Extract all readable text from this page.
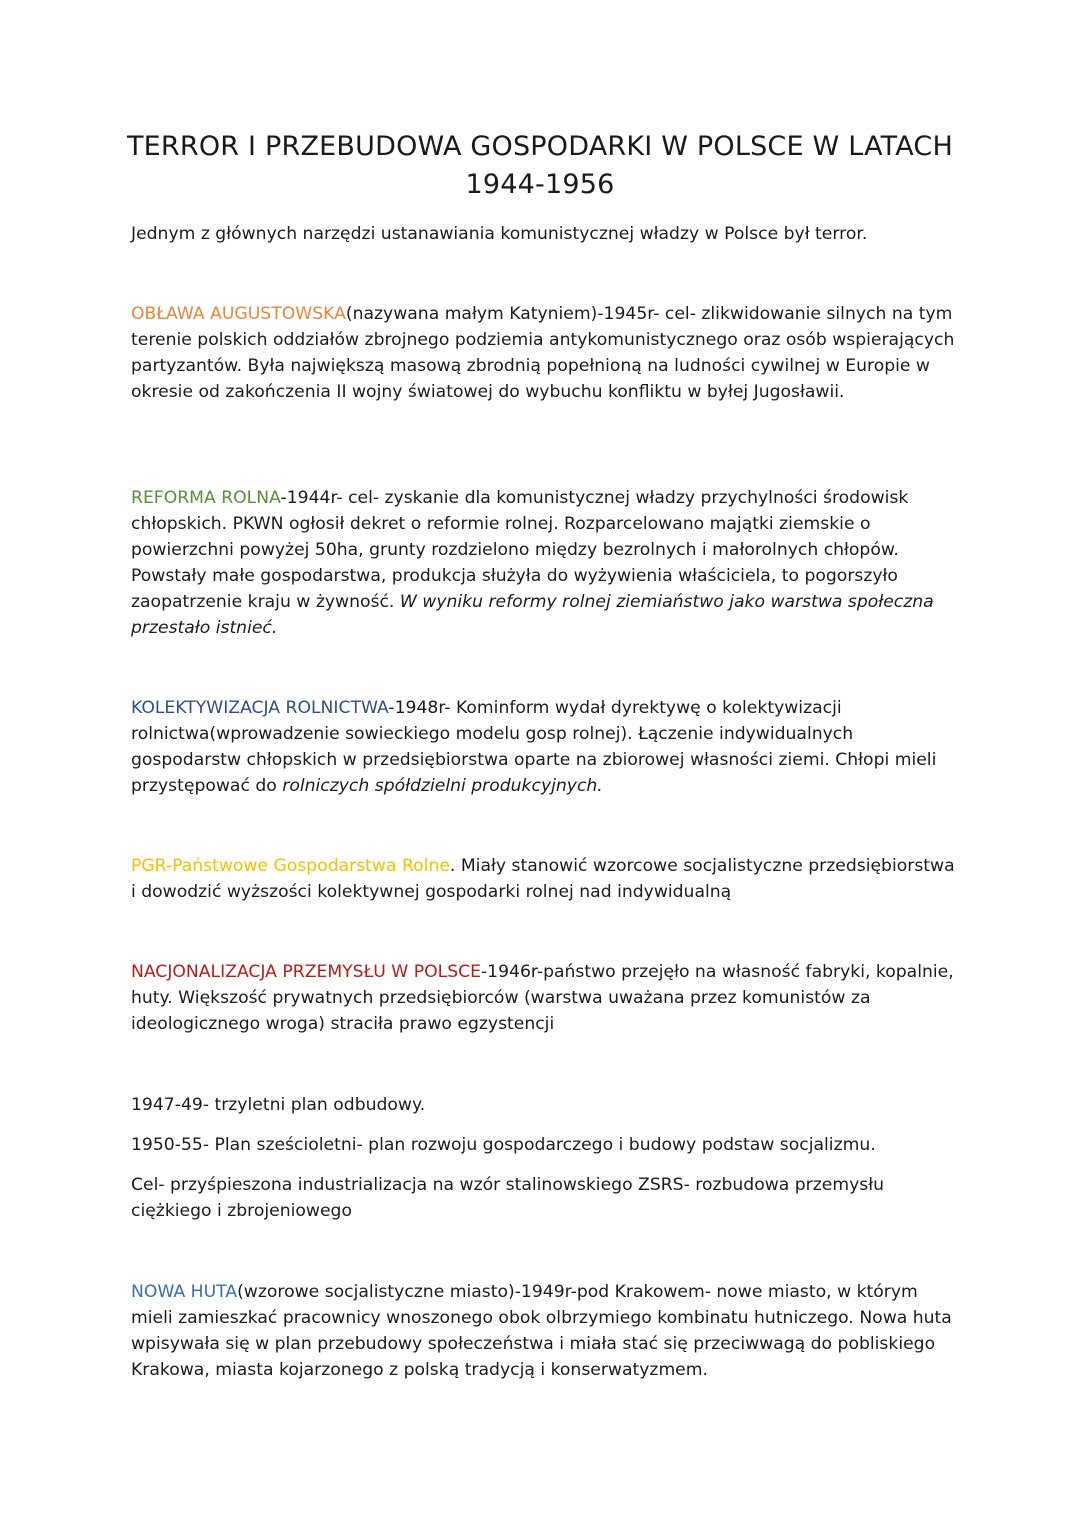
TERROR I PRZEBUDOWA GOSPODARKI W POLSCE W LATACH
1944-1956

Jednym z głównych narzędzi ustanawiania komunistycznej władzy w Polsce był terror.

OBŁAWA AUGUSTOWSKA(nazywana małym Katyniem)-1945r- cel- zlikwidowanie silnych na tym terenie polskich oddziałów zbrojnego podziemia antykomunistycznego oraz osób wspierających partyzantów. Była największą masową zbrodnią popełnioną na ludności cywilnej w Europie w okresie od zakończenia II wojny światowej do wybuchu konfliktu w byłej Jugosławii.

REFORMA ROLNA-1944r- cel- zyskanie dla komunistycznej władzy przychylności środowisk chłopskich. PKWN ogłosił dekret o reformie rolnej. Rozparcelowano majątki ziemskie o powierzchni powyżej 50ha, grunty rozdzielono między bezrolnych i małorolnych chłopów. Powstały małe gospodarstwa, produkcja służyła do wyżywienia właściciela, to pogorszyło zaopatrzenie kraju w żywność. W wyniku reformy rolnej ziemiaństwo jako warstwa społeczna przestało istnieć.

KOLEKTYWIZACJA ROLNICTWA-1948r- Kominform wydał dyrektywę o kolektywizacji rolnictwa(wprowadzenie sowieckiego modelu gosp rolnej). Łączenie indywidualnych gospodarstw chłopskich w przedsiębiorstwa oparte na zbiorowej własności ziemi. Chłopi mieli przystępować do rolniczych spółdzielni produkcyjnych.

PGR-Państwowe Gospodarstwa Rolne. Miały stanowić wzorcowe socjalistyczne przedsiębiorstwa i dowodzić wyższości kolektywnej gospodarki rolnej nad indywidualną

NACJONALIZACJA PRZEMYSŁU W POLSCE-1946r-państwo przejęło na własność fabryki, kopalnie, huty. Większość prywatnych przedsiębiorców (warstwa uważana przez komunistów za ideologicznego wroga) straciła prawo egzystencji

1947-49- trzyletni plan odbudowy.

1950-55- Plan sześcioletni- plan rozwoju gospodarczego i budowy podstaw socjalizmu.

Cel- przyśpieszona industrializacja na wzór stalinowskiego ZSRS- rozbudowa przemysłu ciężkiego i zbrojeniowego

NOWA HUTA(wzorowe socjalistyczne miasto)-1949r-pod Krakowem- nowe miasto, w którym mieli zamieszkać pracownicy wnoszonego obok olbrzymiego kombinatu hutniczego. Nowa huta wpisywała się w plan przebudowy społeczeństwa i miała stać się przeciwwagą do pobliskiego Krakowa, miasta kojarzonego z polską tradycją i konserwatyzmem.
